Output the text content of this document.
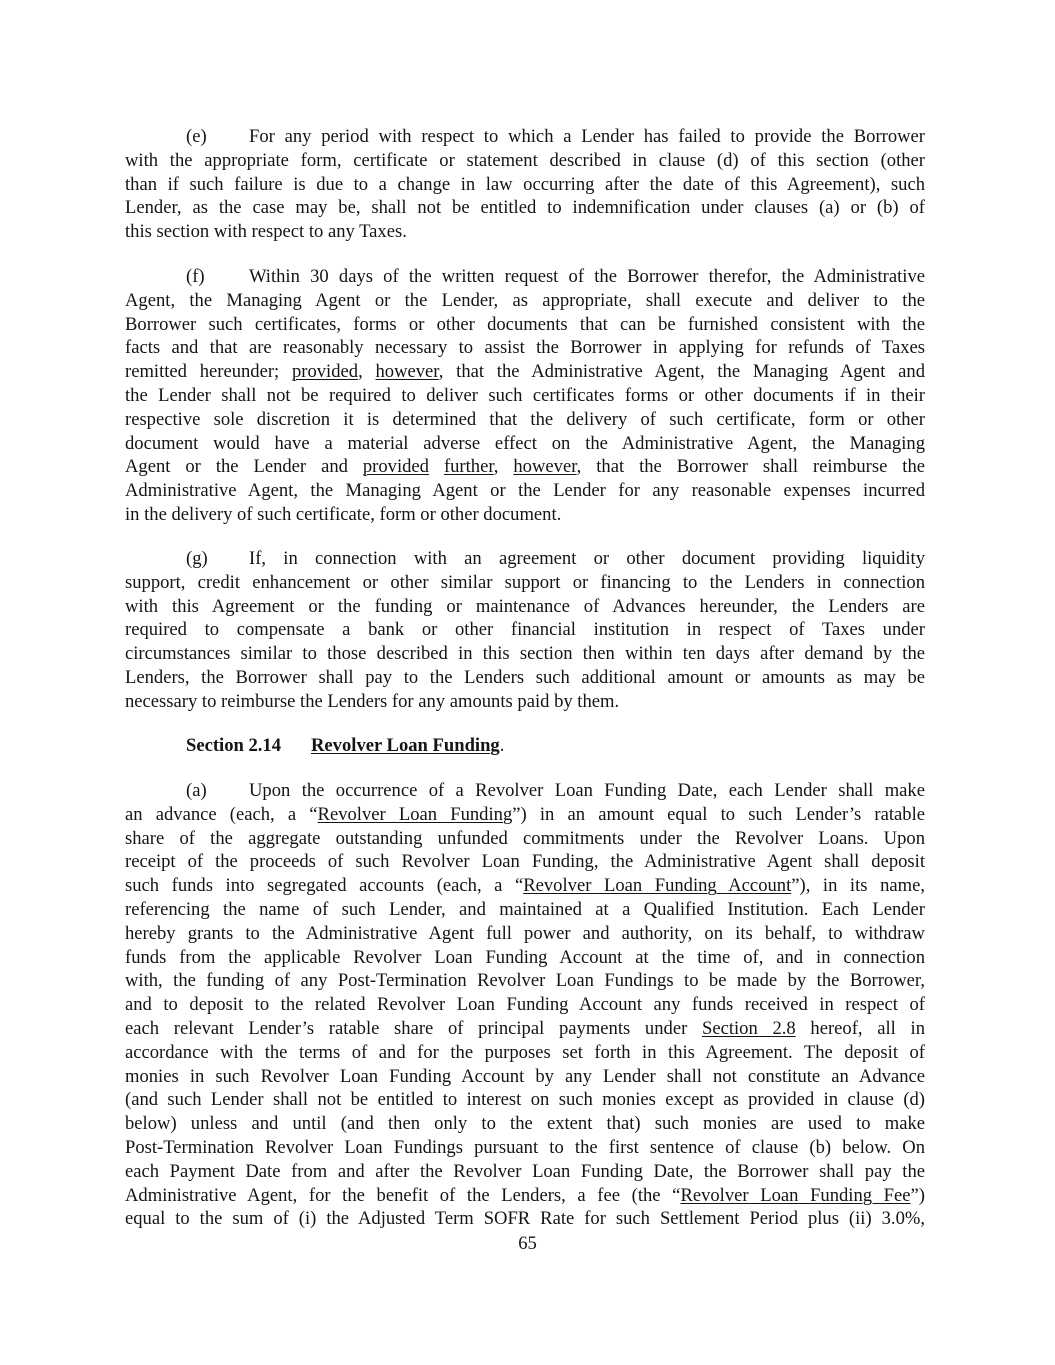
(e) For any period with respect to which a Lender has failed to provide the Borrower
with the appropriate form, certificate or statement described in clause (d) of this section (other
than if such failure is due to a change in law occurring after the date of this Agreement), such
Lender, as the case may be, shall not be entitled to indemnification under clauses (a) or (b) of
this section with respect to any Taxes.
(f) Within 30 days of the written request of the Borrower therefor, the Administrative
Agent, the Managing Agent or the Lender, as appropriate, shall execute and deliver to the
Borrower such certificates, forms or other documents that can be furnished consistent with the
facts and that are reasonably necessary to assist the Borrower in applying for refunds of Taxes
remitted hereunder; provided, however, that the Administrative Agent, the Managing Agent and
the Lender shall not be required to deliver such certificates forms or other documents if in their
respective sole discretion it is determined that the delivery of such certificate, form or other
document would have a material adverse effect on the Administrative Agent, the Managing
Agent or the Lender and provided further, however, that the Borrower shall reimburse the
Administrative Agent, the Managing Agent or the Lender for any reasonable expenses incurred
in the delivery of such certificate, form or other document.
(g) If, in connection with an agreement or other document providing liquidity
support, credit enhancement or other similar support or financing to the Lenders in connection
with this Agreement or the funding or maintenance of Advances hereunder, the Lenders are
required to compensate a bank or other financial institution in respect of Taxes under
circumstances similar to those described in this section then within ten days after demand by the
Lenders, the Borrower shall pay to the Lenders such additional amount or amounts as may be
necessary to reimburse the Lenders for any amounts paid by them.
Section 2.14 Revolver Loan Funding.
(a) Upon the occurrence of a Revolver Loan Funding Date, each Lender shall make
an advance (each, a “Revolver Loan Funding”) in an amount equal to such Lender’s ratable
share of the aggregate outstanding unfunded commitments under the Revolver Loans. Upon
receipt of the proceeds of such Revolver Loan Funding, the Administrative Agent shall deposit
such funds into segregated accounts (each, a “Revolver Loan Funding Account”), in its name,
referencing the name of such Lender, and maintained at a Qualified Institution. Each Lender
hereby grants to the Administrative Agent full power and authority, on its behalf, to withdraw
funds from the applicable Revolver Loan Funding Account at the time of, and in connection
with, the funding of any Post-Termination Revolver Loan Fundings to be made by the Borrower,
and to deposit to the related Revolver Loan Funding Account any funds received in respect of
each relevant Lender’s ratable share of principal payments under Section 2.8 hereof, all in
accordance with the terms of and for the purposes set forth in this Agreement. The deposit of
monies in such Revolver Loan Funding Account by any Lender shall not constitute an Advance
(and such Lender shall not be entitled to interest on such monies except as provided in clause (d)
below) unless and until (and then only to the extent that) such monies are used to make
Post-Termination Revolver Loan Fundings pursuant to the first sentence of clause (b) below. On
each Payment Date from and after the Revolver Loan Funding Date, the Borrower shall pay the
Administrative Agent, for the benefit of the Lenders, a fee (the “Revolver Loan Funding Fee”)
equal to the sum of (i) the Adjusted Term SOFR Rate for such Settlement Period plus (ii) 3.0%,
65
